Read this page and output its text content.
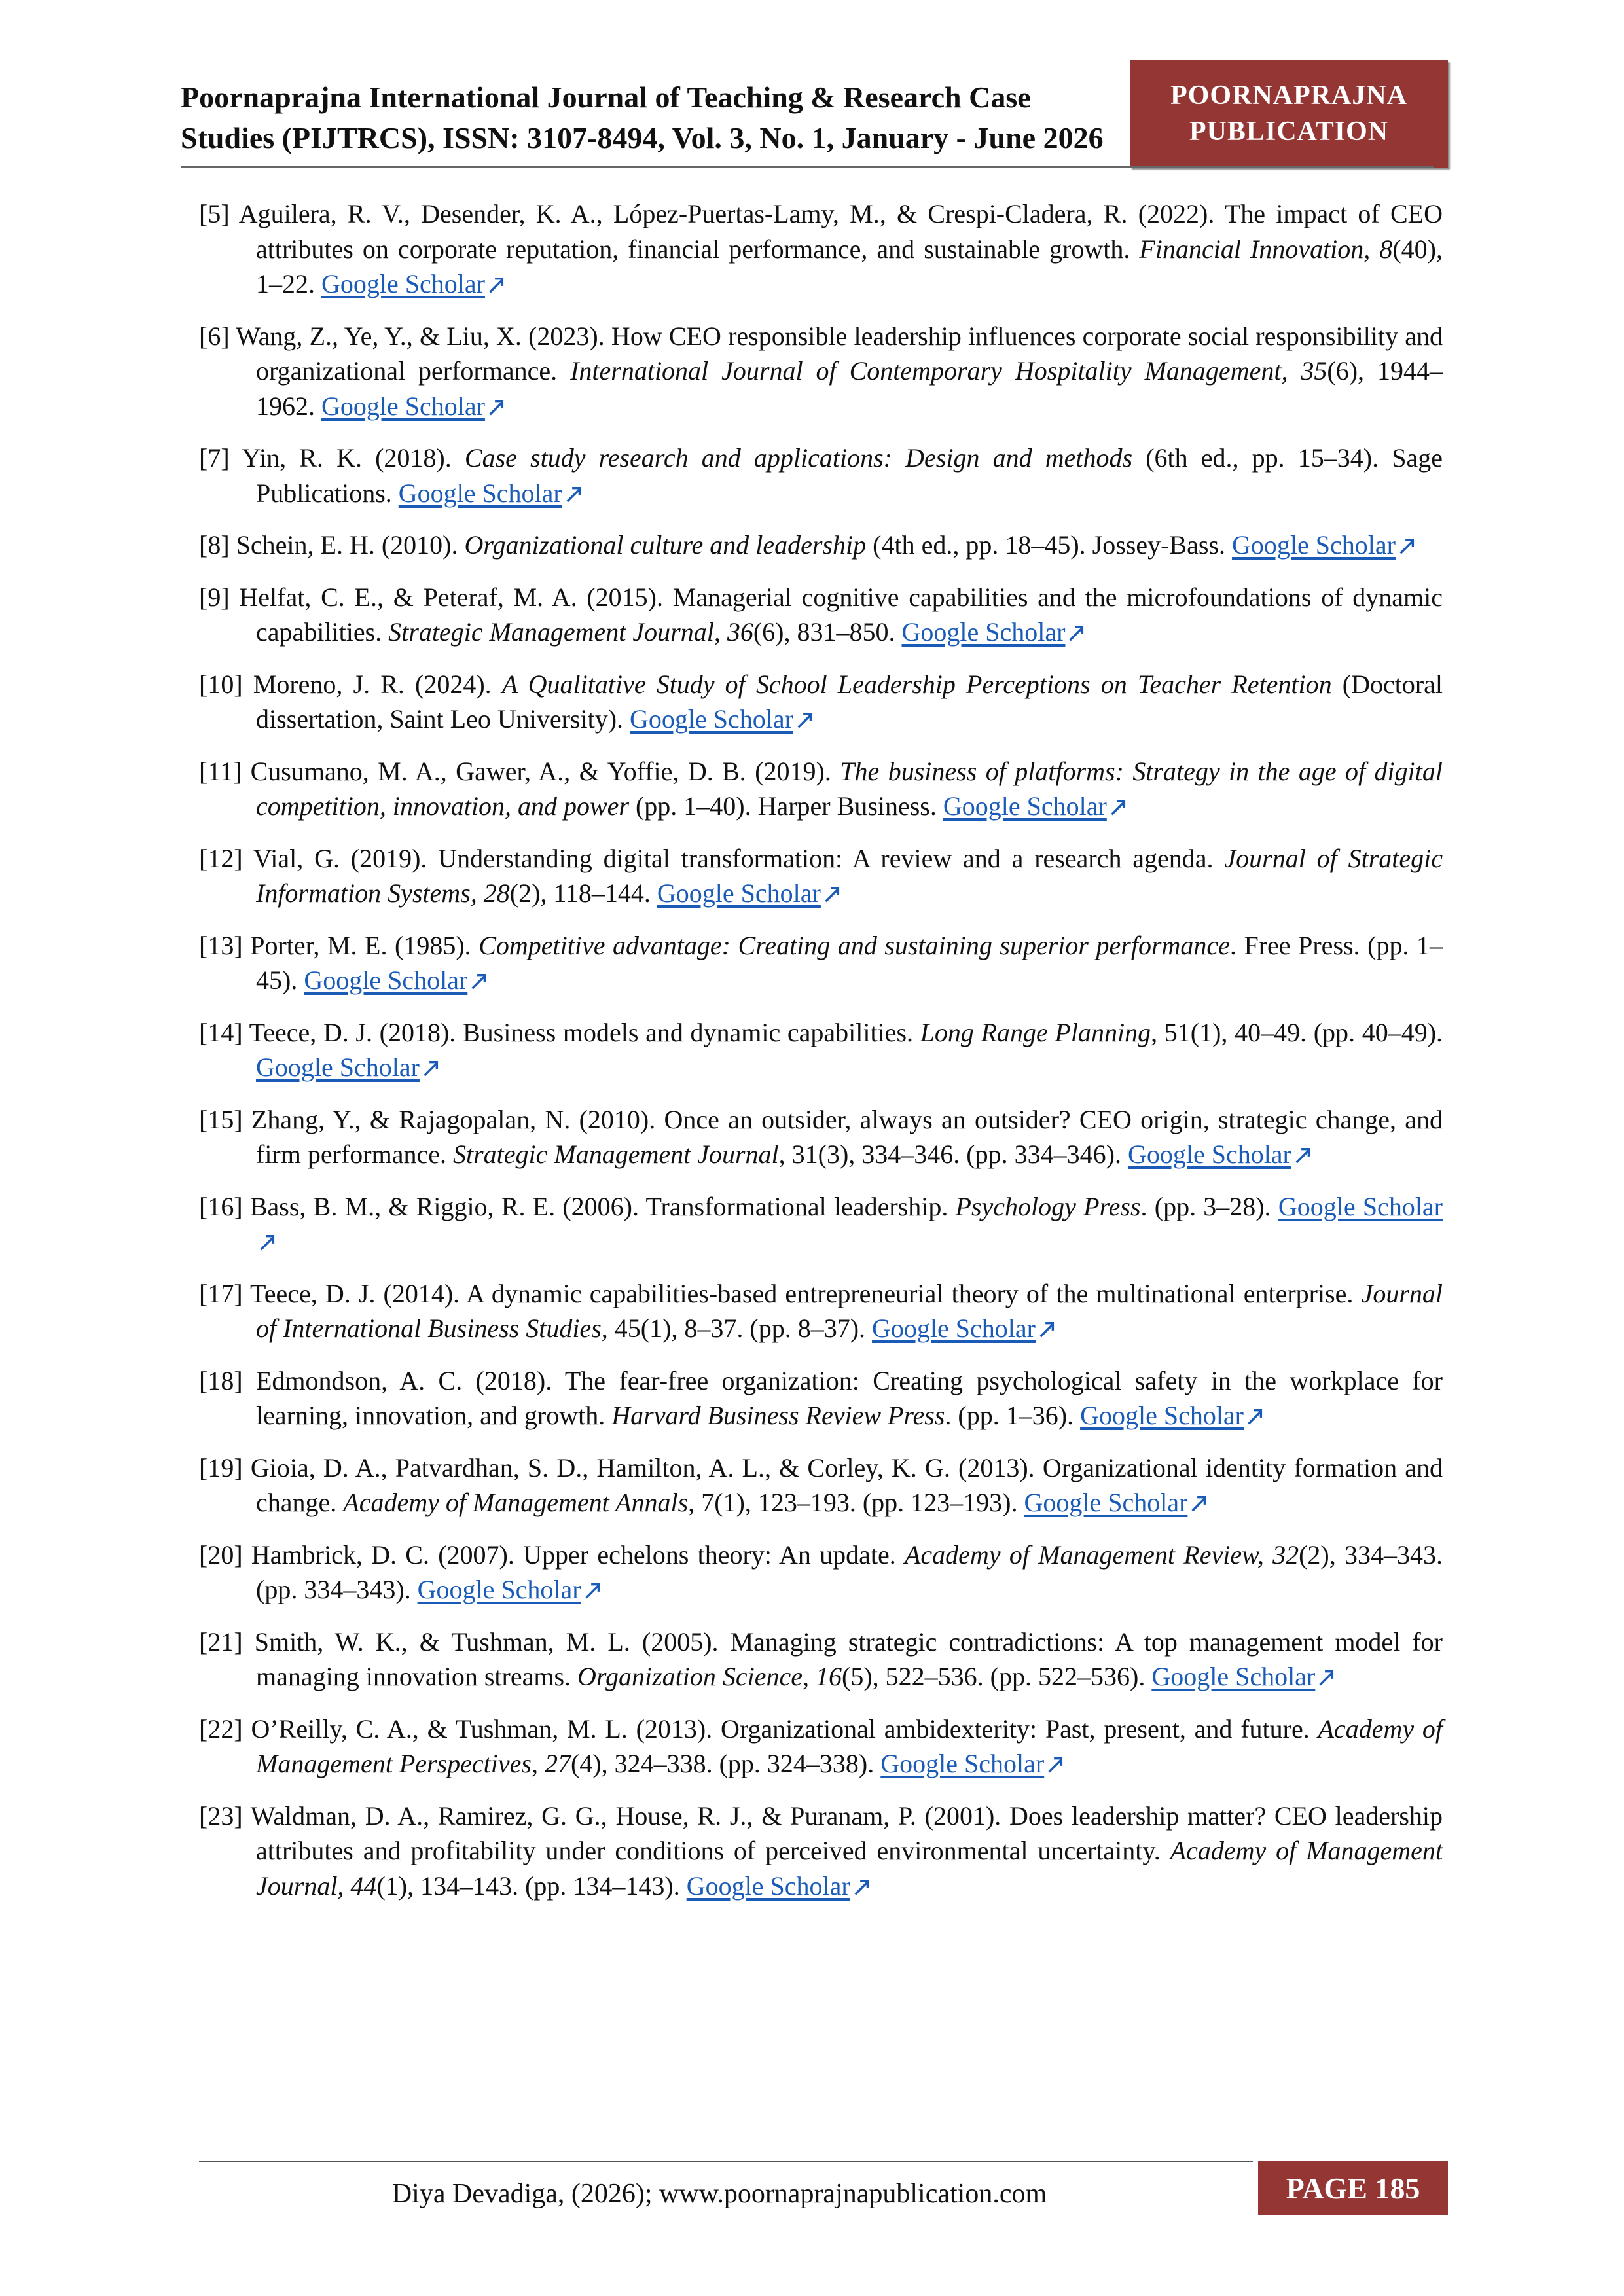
Poornaprajna International Journal of Teaching & Research Case
Studies (PIJTRCS), ISSN: 3107-8494, Vol. 3, No. 1, January - June 2026
POORNAPRAJNA
PUBLICATION
[5] Aguilera, R. V., Desender, K. A., López-Puertas-Lamy, M., & Crespi-Cladera, R. (2022). The impact of CEO attributes on corporate reputation, financial performance, and sustainable growth. Financial Innovation, 8(40), 1–22. Google Scholar
[6] Wang, Z., Ye, Y., & Liu, X. (2023). How CEO responsible leadership influences corporate social responsibility and organizational performance. International Journal of Contemporary Hospitality Management, 35(6), 1944–1962. Google Scholar
[7] Yin, R. K. (2018). Case study research and applications: Design and methods (6th ed., pp. 15–34). Sage Publications. Google Scholar
[8] Schein, E. H. (2010). Organizational culture and leadership (4th ed., pp. 18–45). Jossey-Bass. Google Scholar
[9] Helfat, C. E., & Peteraf, M. A. (2015). Managerial cognitive capabilities and the microfoundations of dynamic capabilities. Strategic Management Journal, 36(6), 831–850. Google Scholar
[10] Moreno, J. R. (2024). A Qualitative Study of School Leadership Perceptions on Teacher Retention (Doctoral dissertation, Saint Leo University). Google Scholar
[11] Cusumano, M. A., Gawer, A., & Yoffie, D. B. (2019). The business of platforms: Strategy in the age of digital competition, innovation, and power (pp. 1–40). Harper Business. Google Scholar
[12] Vial, G. (2019). Understanding digital transformation: A review and a research agenda. Journal of Strategic Information Systems, 28(2), 118–144. Google Scholar
[13] Porter, M. E. (1985). Competitive advantage: Creating and sustaining superior performance. Free Press. (pp. 1–45). Google Scholar
[14] Teece, D. J. (2018). Business models and dynamic capabilities. Long Range Planning, 51(1), 40–49. (pp. 40–49). Google Scholar
[15] Zhang, Y., & Rajagopalan, N. (2010). Once an outsider, always an outsider? CEO origin, strategic change, and firm performance. Strategic Management Journal, 31(3), 334–346. (pp. 334–346). Google Scholar
[16] Bass, B. M., & Riggio, R. E. (2006). Transformational leadership. Psychology Press. (pp. 3–28). Google Scholar
[17] Teece, D. J. (2014). A dynamic capabilities-based entrepreneurial theory of the multinational enterprise. Journal of International Business Studies, 45(1), 8–37. (pp. 8–37). Google Scholar
[18] Edmondson, A. C. (2018). The fear-free organization: Creating psychological safety in the workplace for learning, innovation, and growth. Harvard Business Review Press. (pp. 1–36). Google Scholar
[19] Gioia, D. A., Patvardhan, S. D., Hamilton, A. L., & Corley, K. G. (2013). Organizational identity formation and change. Academy of Management Annals, 7(1), 123–193. (pp. 123–193). Google Scholar
[20] Hambrick, D. C. (2007). Upper echelons theory: An update. Academy of Management Review, 32(2), 334–343. (pp. 334–343). Google Scholar
[21] Smith, W. K., & Tushman, M. L. (2005). Managing strategic contradictions: A top management model for managing innovation streams. Organization Science, 16(5), 522–536. (pp. 522–536). Google Scholar
[22] O’Reilly, C. A., & Tushman, M. L. (2013). Organizational ambidexterity: Past, present, and future. Academy of Management Perspectives, 27(4), 324–338. (pp. 324–338). Google Scholar
[23] Waldman, D. A., Ramirez, G. G., House, R. J., & Puranam, P. (2001). Does leadership matter? CEO leadership attributes and profitability under conditions of perceived environmental uncertainty. Academy of Management Journal, 44(1), 134–143. (pp. 134–143). Google Scholar
Diya Devadiga, (2026); www.poornaprajnapublication.com	PAGE 185
